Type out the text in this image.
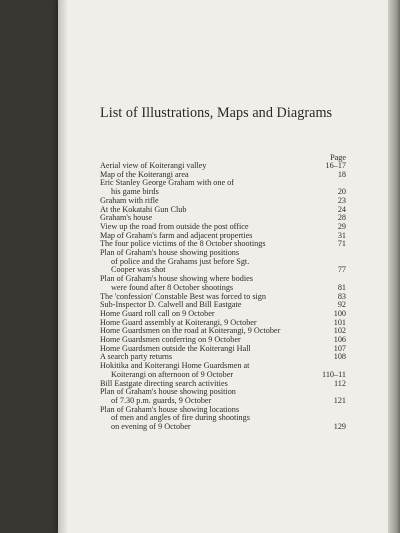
List of Illustrations, Maps and Diagrams
Page
Aerial view of Koiterangi valley	16–17
Map of the Koiterangi area	18
Eric Stanley George Graham with one of
his game birds	20
Graham with rifle	23
At the Kokatahi Gun Club	24
Graham's house	28
View up the road from outside the post office	29
Map of Graham's farm and adjacent properties	31
The four police victims of the 8 October shootings	71
Plan of Graham's house showing positions
of police and the Grahams just before Sgt.
Cooper was shot	77
Plan of Graham's house showing where bodies
were found after 8 October shootings	81
The 'confession' Constable Best was forced to sign	83
Sub-Inspector D. Calwell and Bill Eastgate	92
Home Guard roll call on 9 October	100
Home Guard assembly at Koiterangi, 9 October	101
Home Guardsmen on the road at Koiterangi, 9 October	102
Home Guardsmen conferring on 9 October	106
Home Guardsmen outside the Koiterangi Hall	107
A search party returns	108
Hokitika and Koiterangi Home Guardsmen at
Koiterangi on afternoon of 9 October	110–11
Bill Eastgate directing search activities	112
Plan of Graham's house showing position
of 7.30 p.m. guards, 9 October	121
Plan of Graham's house showing locations
of men and angles of fire during shootings
on evening of 9 October	129
